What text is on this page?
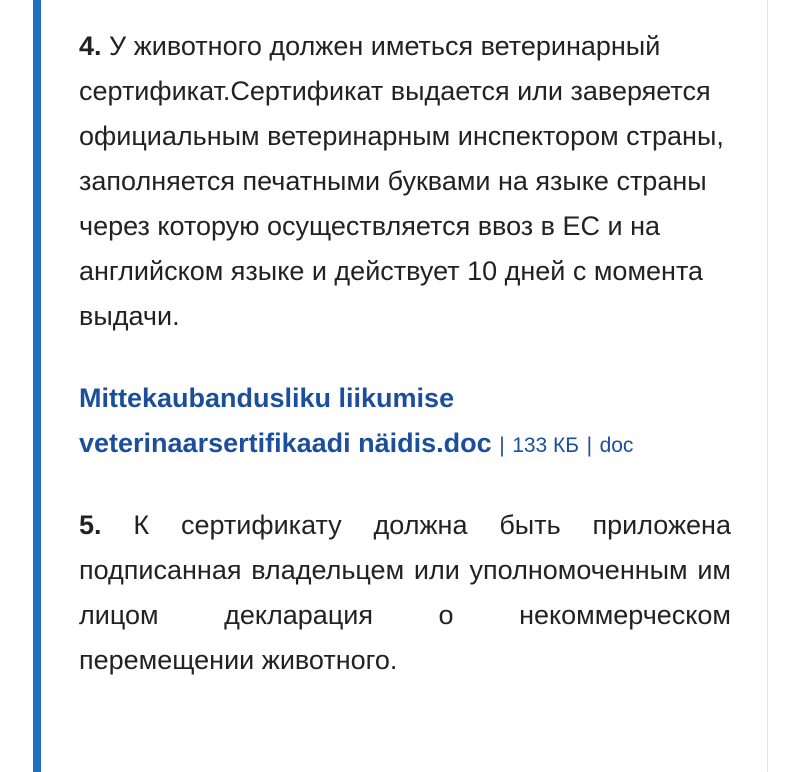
4. У животного должен иметься ветеринарный сертификат.Сертификат выдается или заверяется официальным ветеринарным инспектором страны, заполняется печатными буквами на языке страны через которую осуществляется ввоз в ЕС и на английском языке и действует 10 дней с момента выдачи.

Mittekaubandusliku liikumise veterinaarsertifikaadi näidis.doc | 133 КБ | doc

5. К сертификату должна быть приложена подписанная владельцем или уполномоченным им лицом декларация о некоммерческом перемещении животного.
